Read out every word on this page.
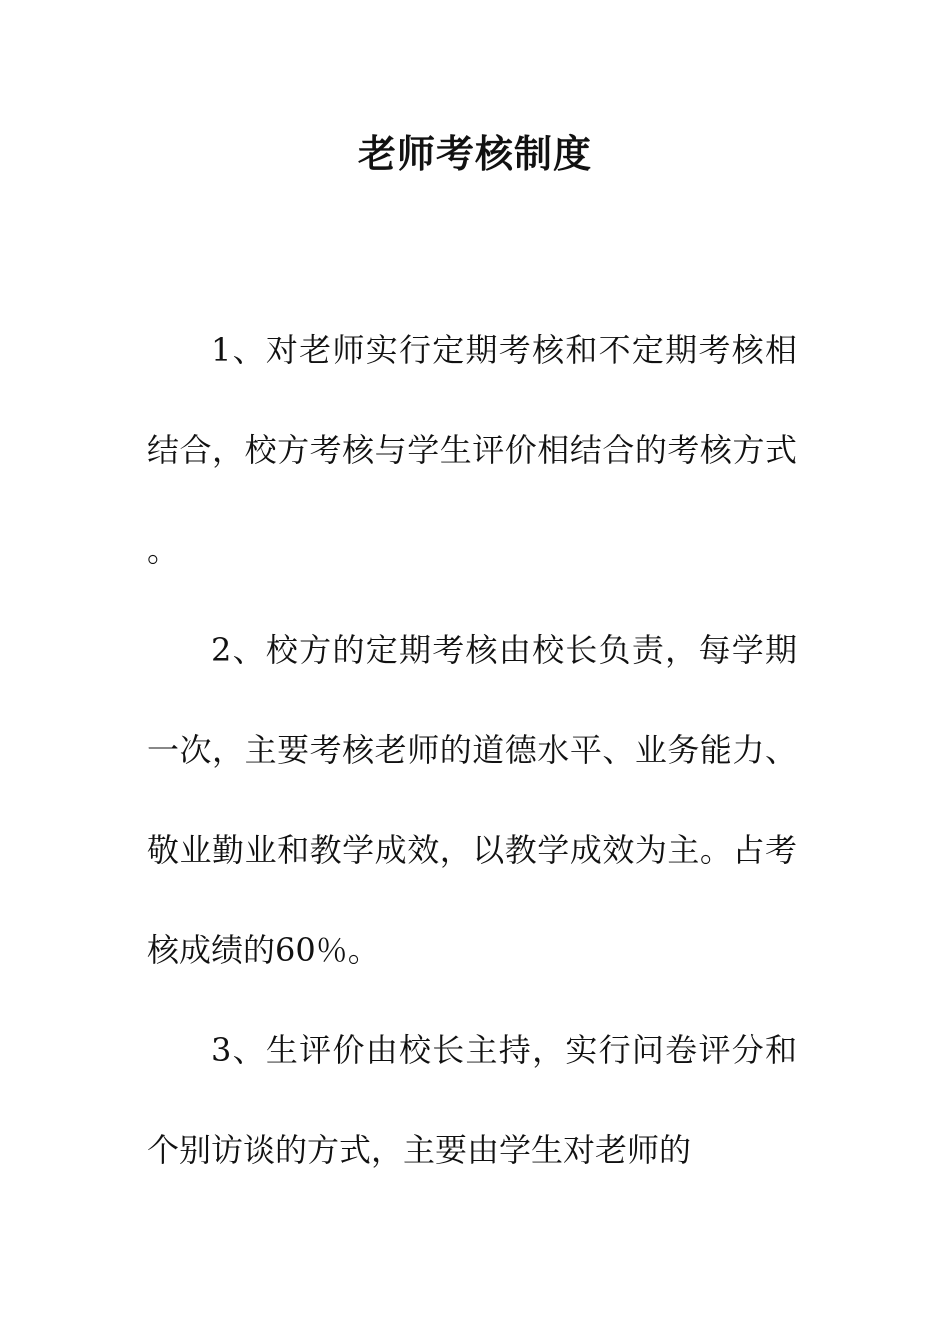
老师考核制度

1、对老师实行定期考核和不定期考核相结合，校方考核与学生评价相结合的考核方式。

2、校方的定期考核由校长负责，每学期一次，主要考核老师的道德水平、业务能力、敬业勤业和教学成效，以教学成效为主。占考核成绩的60％。

3、生评价由校长主持，实行问卷评分和个别访谈的方式，主要由学生对老师的
